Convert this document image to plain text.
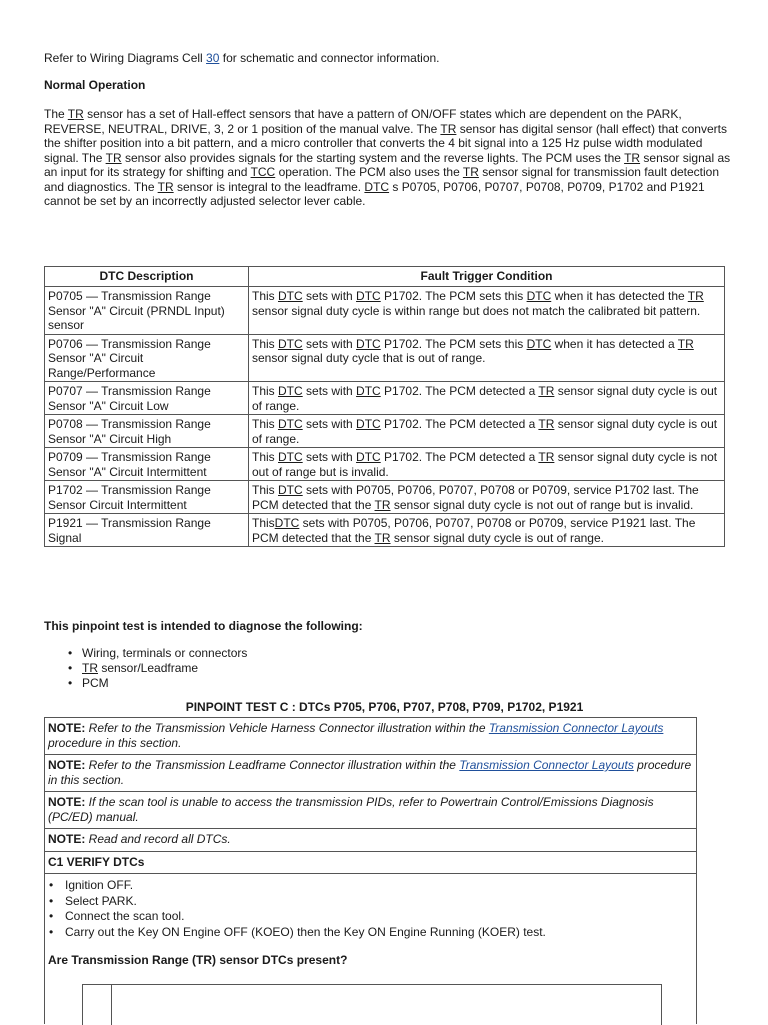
Refer to Wiring Diagrams Cell 30 for schematic and connector information.

Normal Operation

The TR sensor has a set of Hall-effect sensors that have a pattern of ON/OFF states which are dependent on the PARK, REVERSE, NEUTRAL, DRIVE, 3, 2 or 1 position of the manual valve. The TR sensor has digital sensor (hall effect) that converts the shifter position into a bit pattern, and a micro controller that converts the 4 bit signal into a 125 Hz pulse width modulated signal. The TR sensor also provides signals for the starting system and the reverse lights. The PCM uses the TR sensor signal as an input for its strategy for shifting and TCC operation. The PCM also uses the TR sensor signal for transmission fault detection and diagnostics. The TR sensor is integral to the leadframe. DTC s P0705, P0706, P0707, P0708, P0709, P1702 and P1921 cannot be set by an incorrectly adjusted selector lever cable.

DTC Description	Fault Trigger Condition
P0705 — Transmission Range Sensor "A" Circuit (PRNDL Input) sensor	This DTC sets with DTC P1702. The PCM sets this DTC when it has detected the TR sensor signal duty cycle is within range but does not match the calibrated bit pattern.
P0706 — Transmission Range Sensor "A" Circuit Range/Performance	This DTC sets with DTC P1702. The PCM sets this DTC when it has detected a TR sensor signal duty cycle that is out of range.
P0707 — Transmission Range Sensor "A" Circuit Low	This DTC sets with DTC P1702. The PCM detected a TR sensor signal duty cycle is out of range.
P0708 — Transmission Range Sensor "A" Circuit High	This DTC sets with DTC P1702. The PCM detected a TR sensor signal duty cycle is out of range.
P0709 — Transmission Range Sensor "A" Circuit Intermittent	This DTC sets with DTC P1702. The PCM detected a TR sensor signal duty cycle is not out of range but is invalid.
P1702 — Transmission Range Sensor Circuit Intermittent	This DTC sets with P0705, P0706, P0707, P0708 or P0709, service P1702 last. The PCM detected that the TR sensor signal duty cycle is not out of range but is invalid.
P1921 — Transmission Range Signal	ThisDTC sets with P0705, P0706, P0707, P0708 or P0709, service P1921 last. The PCM detected that the TR sensor signal duty cycle is out of range.

This pinpoint test is intended to diagnose the following:

• Wiring, terminals or connectors
• TR sensor/Leadframe
• PCM

PINPOINT TEST C : DTCs P705, P706, P707, P708, P709, P1702, P1921

NOTE: Refer to the Transmission Vehicle Harness Connector illustration within the Transmission Connector Layouts procedure in this section.
NOTE: Refer to the Transmission Leadframe Connector illustration within the Transmission Connector Layouts procedure in this section.
NOTE: If the scan tool is unable to access the transmission PIDs, refer to Powertrain Control/Emissions Diagnosis (PC/ED) manual.
NOTE: Read and record all DTCs.
C1 VERIFY DTCs
• Ignition OFF.
• Select PARK.
• Connect the scan tool.
• Carry out the Key ON Engine OFF (KOEO) then the Key ON Engine Running (KOER) test.

Are Transmission Range (TR) sensor DTCs present?
